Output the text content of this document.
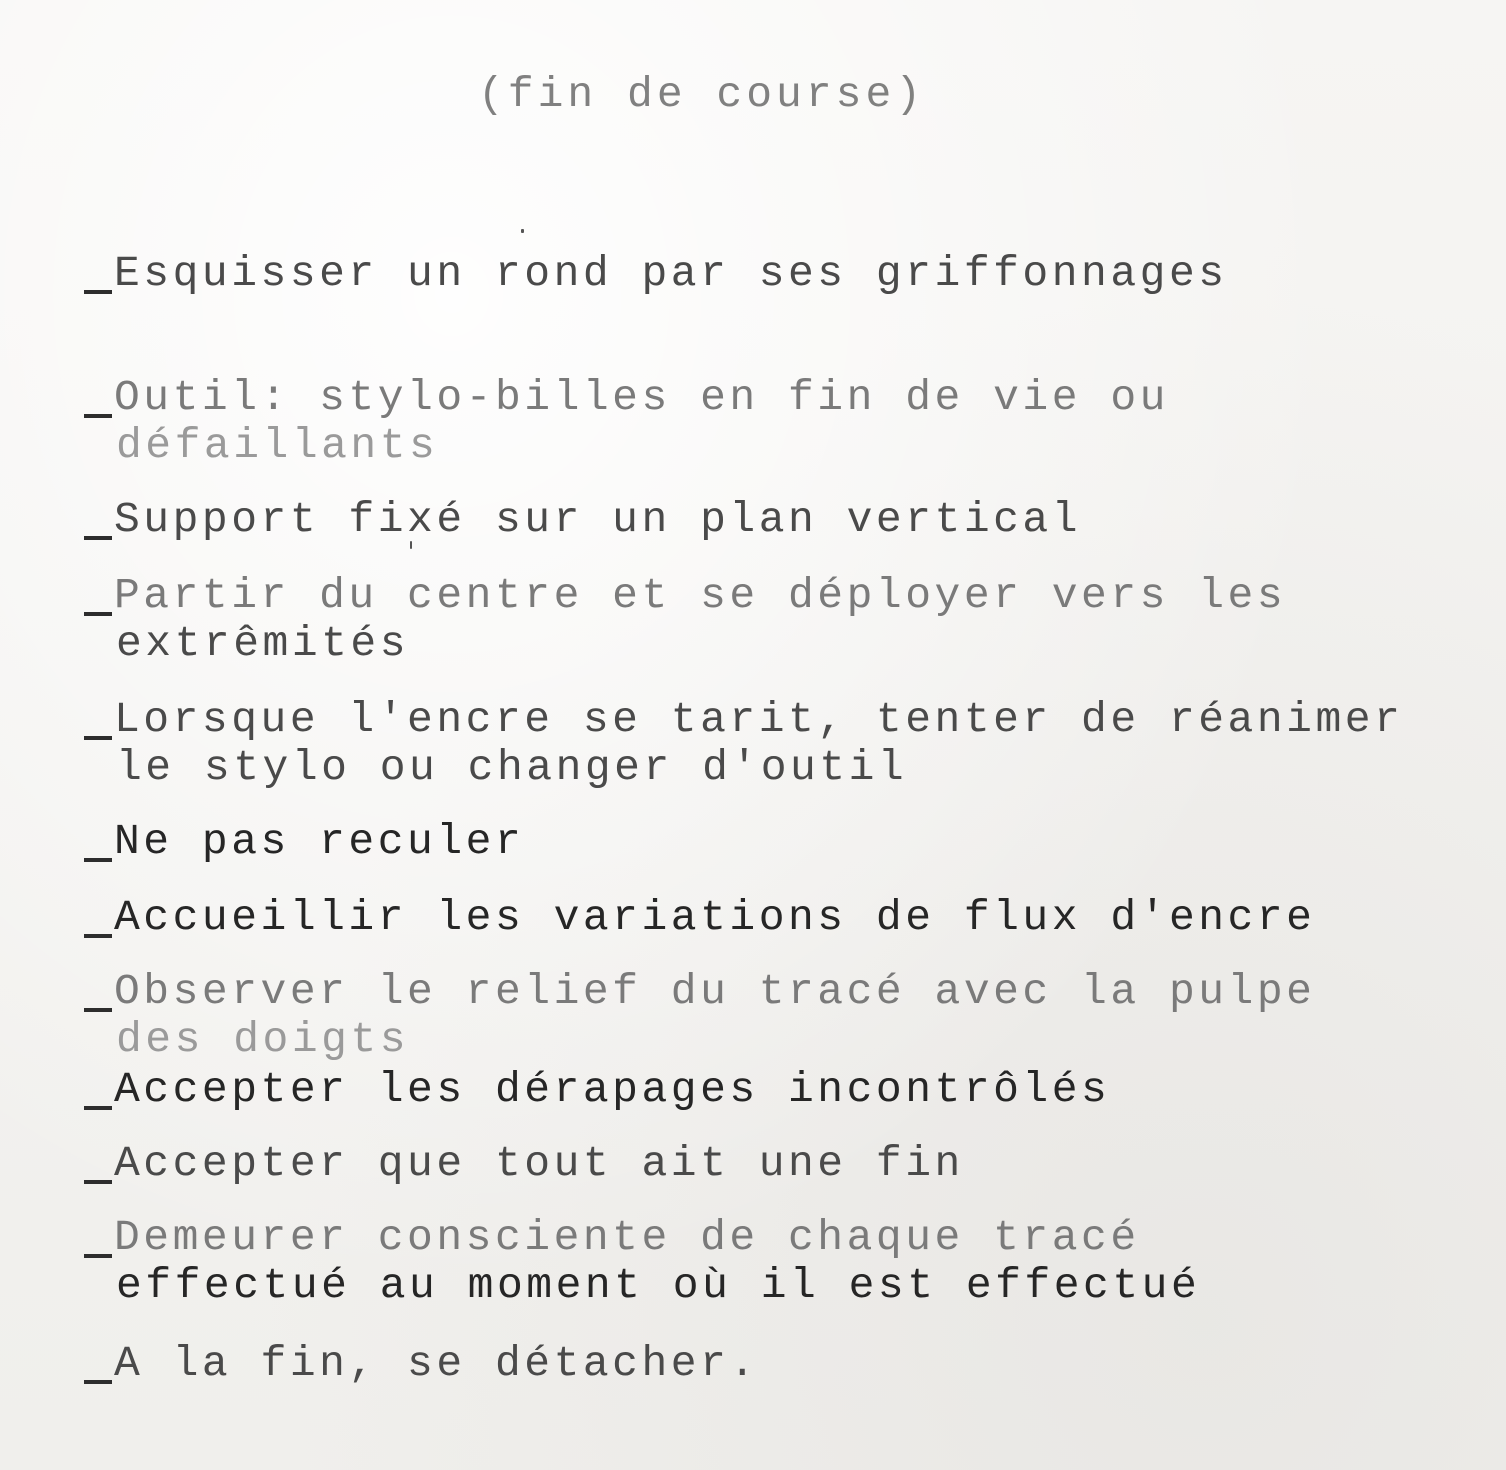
(fin de course)
Esquisser un rond par ses griffonnages
Outil: stylo-billes en fin de vie ou
défaillants
Support fixé sur un plan vertical
Partir du centre et se déployer vers les
extrêmités
Lorsque l'encre se tarit, tenter de réanimer
le stylo ou changer d'outil
Ne pas reculer
Accueillir les variations de flux d'encre
Observer le relief du tracé avec la pulpe
des doigts
Accepter les dérapages incontrôlés
Accepter que tout ait une fin
Demeurer consciente de chaque tracé
effectué au moment où il est effectué
A la fin, se détacher.
